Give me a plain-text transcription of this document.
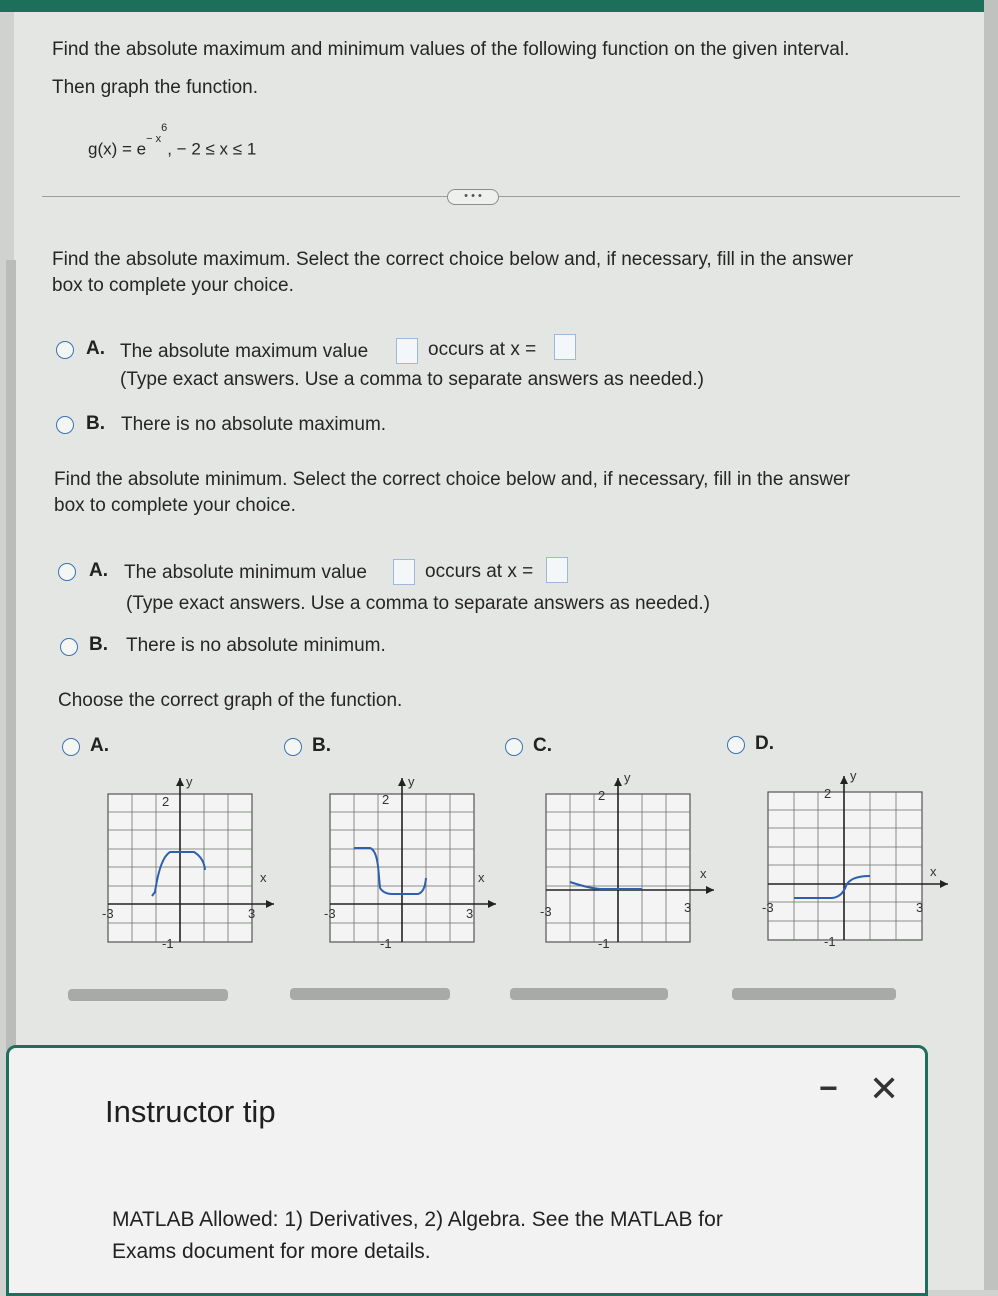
Find the absolute maximum and minimum values of the following function on the given interval.
Then graph the function.
$g(x) = e^{- x^6}$, − 2 ≤ x ≤ 1
• • •
Find the absolute maximum. Select the correct choice below and, if necessary, fill in the answer
box to complete your choice.
A. The absolute maximum value	occurs at x =
(Type exact answers. Use a comma to separate answers as needed.)
B. There is no absolute maximum.
Find the absolute minimum. Select the correct choice below and, if necessary, fill in the answer
box to complete your choice.
A. The absolute minimum value	occurs at x =
(Type exact answers. Use a comma to separate answers as needed.)
B. There is no absolute minimum.
Choose the correct graph of the function.
A.	B.	C.	D.
2
y
x
-3	3
-1
2
y
x
-3	3
-1
2
y
x
-3	3
-1
2
y
x
-3	3
-1
Instructor tip
− ✕
MATLAB Allowed: 1) Derivatives, 2) Algebra. See the MATLAB for Exams document for more details.
